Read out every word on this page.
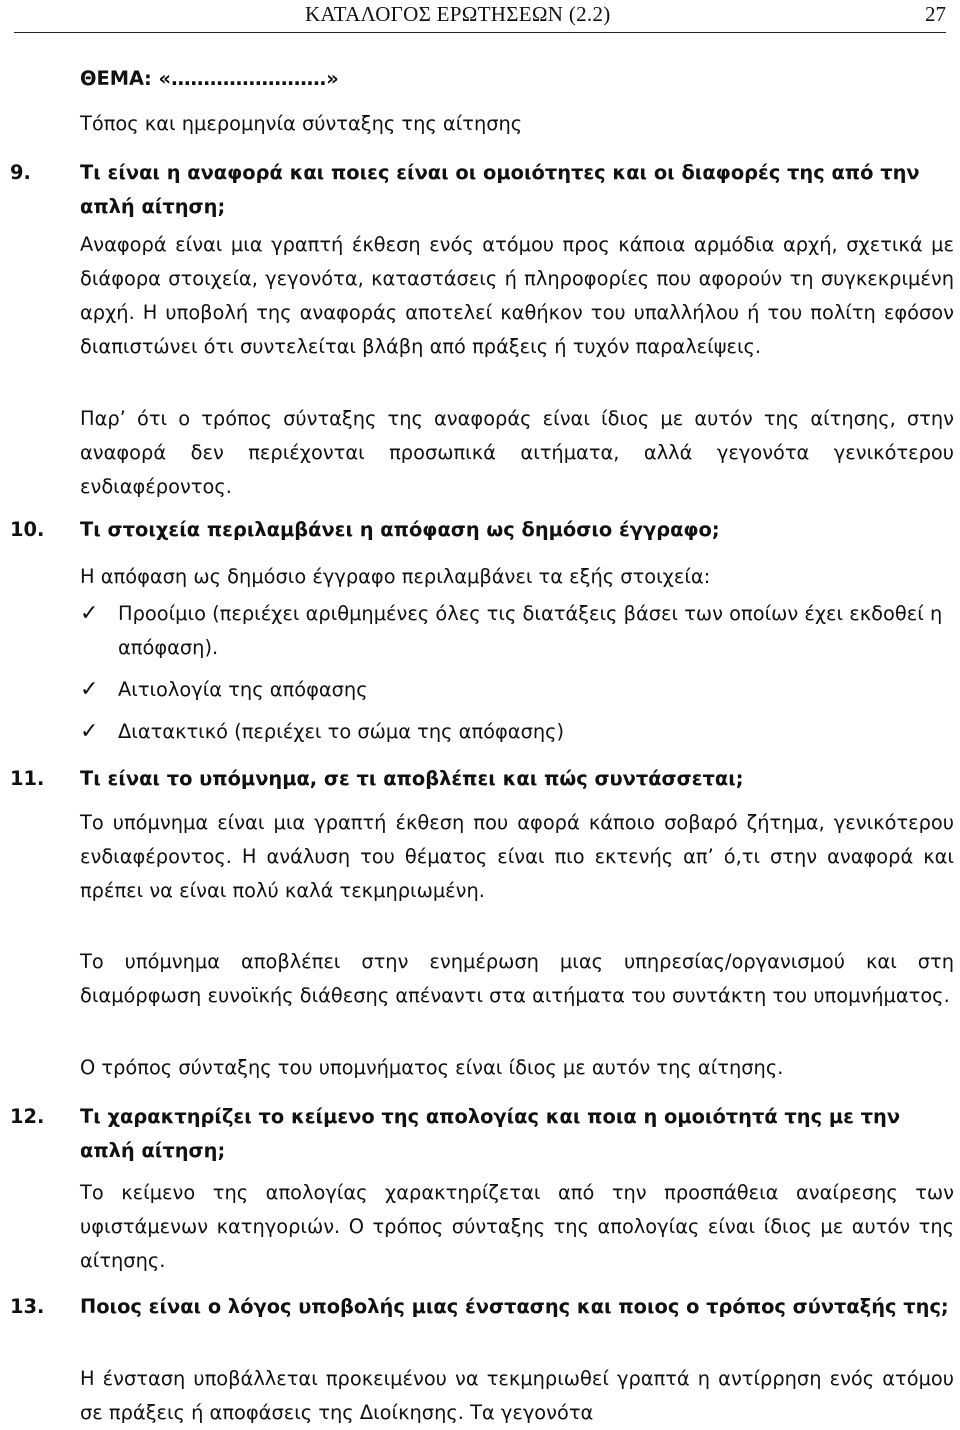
ΚΑΤΑΛΟΓΟΣ ΕΡΩΤΗΣΕΩΝ (2.2)	27
ΘΕΜΑ: «……………………»
Τόπος και ημερομηνία σύνταξης της αίτησης
9.	Τι είναι η αναφορά και ποιες είναι οι ομοιότητες και οι διαφορές της από την απλή αίτηση;

Αναφορά είναι μια γραπτή έκθεση ενός ατόμου προς κάποια αρμόδια αρχή, σχετικά με διάφορα στοιχεία, γεγονότα, καταστάσεις ή πληροφορίες που αφορούν τη συγκεκριμένη αρχή. Η υποβολή της αναφοράς αποτελεί καθήκον του υπαλλήλου ή του πολίτη εφόσον διαπιστώνει ότι συντελείται βλάβη από πράξεις ή τυχόν παραλείψεις.

Παρ’ ότι ο τρόπος σύνταξης της αναφοράς είναι ίδιος με αυτόν της αίτησης, στην αναφορά δεν περιέχονται προσωπικά αιτήματα, αλλά γεγονότα γενικότερου ενδιαφέροντος.

10. Τι στοιχεία περιλαμβάνει η απόφαση ως δημόσιο έγγραφο;

Η απόφαση ως δημόσιο έγγραφο περιλαμβάνει τα εξής στοιχεία:

✓ Προοίμιο (περιέχει αριθμημένες όλες τις διατάξεις βάσει των οποίων έχει εκδοθεί η απόφαση).
✓ Αιτιολογία της απόφασης
✓ Διατακτικό (περιέχει το σώμα της απόφασης)
11. Τι είναι το υπόμνημα, σε τι αποβλέπει και πώς συντάσσεται;

Το υπόμνημα είναι μια γραπτή έκθεση που αφορά κάποιο σοβαρό ζήτημα, γενικότερου ενδιαφέροντος. Η ανάλυση του θέματος είναι πιο εκτενής απ’ ό,τι στην αναφορά και πρέπει να είναι πολύ καλά τεκμηριωμένη.

Το υπόμνημα αποβλέπει στην ενημέρωση μιας υπηρεσίας/οργανισμού και στη διαμόρφωση ευνοϊκής διάθεσης απέναντι στα αιτήματα του συντάκτη του υπομνήματος.

Ο τρόπος σύνταξης του υπομνήματος είναι ίδιος με αυτόν της αίτησης.

12. Τι χαρακτηρίζει το κείμενο της απολογίας και ποια η ομοιότητά της με την απλή αίτηση;

Το κείμενο της απολογίας χαρακτηρίζεται από την προσπάθεια αναίρεσης των υφιστάμενων κατηγοριών. Ο τρόπος σύνταξης της απολογίας είναι ίδιος με αυτόν της αίτησης.

13. Ποιος είναι ο λόγος υποβολής μιας ένστασης και ποιος ο τρόπος σύνταξής της;

Η ένσταση υποβάλλεται προκειμένου να τεκμηριωθεί γραπτά η αντίρρηση ενός ατόμου σε πράξεις ή αποφάσεις της Διοίκησης. Τα γεγονότα
